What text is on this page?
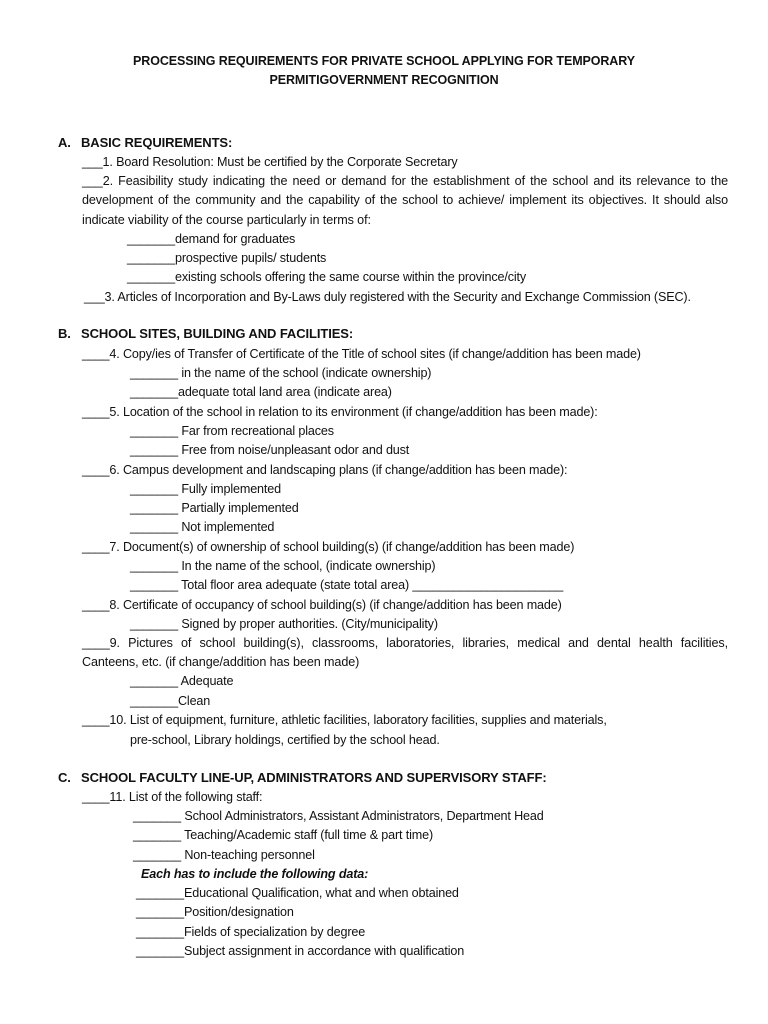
PROCESSING REQUIREMENTS FOR PRIVATE SCHOOL APPLYING FOR TEMPORARY
PERMITIGOVERNMENT RECOGNITION
A. BASIC REQUIREMENTS:
___1. Board Resolution: Must be certified by the Corporate Secretary
___2. Feasibility study indicating the need or demand for the establishment of the school and its relevance to the development of the community and the capability of the school to achieve/ implement its objectives. It should also indicate viability of the course particularly in terms of:
_______demand for graduates
_______prospective pupils/ students
_______existing schools offering the same course within the province/city
___3. Articles of Incorporation and By-Laws duly registered with the Security and Exchange Commission (SEC).
B. SCHOOL SITES, BUILDING AND FACILITIES:
____4. Copy/ies of Transfer of Certificate of the Title of school sites (if change/addition has been made)
_______ in the name of the school (indicate ownership)
_______adequate total land area (indicate area)
____5. Location of the school in relation to its environment (if change/addition has been made):
_______ Far from recreational places
_______ Free from noise/unpleasant odor and dust
____6. Campus development and landscaping plans (if change/addition has been made):
_______ Fully implemented
_______ Partially implemented
_______ Not implemented
____7. Document(s) of ownership of school building(s) (if change/addition has been made)
_______ In the name of the school, (indicate ownership)
_______ Total floor area adequate (state total area) ______________________
____8. Certificate of occupancy of school building(s) (if change/addition has been made)
_______ Signed by proper authorities. (City/municipality)
____9. Pictures of school building(s), classrooms, laboratories, libraries, medical and dental health facilities, Canteens, etc. (if change/addition has been made)
_______ Adequate
_______Clean
____10. List of equipment, furniture, athletic facilities, laboratory facilities, supplies and materials,
pre-school, Library holdings, certified by the school head.
C. SCHOOL FACULTY LINE-UP, ADMINISTRATORS AND SUPERVISORY STAFF:
____11. List of the following staff:
_______ School Administrators, Assistant Administrators, Department Head
_______ Teaching/Academic staff (full time & part time)
_______ Non-teaching personnel
Each has to include the following data:
_______Educational Qualification, what and when obtained
_______Position/designation
_______Fields of specialization by degree
_______Subject assignment in accordance with qualification
